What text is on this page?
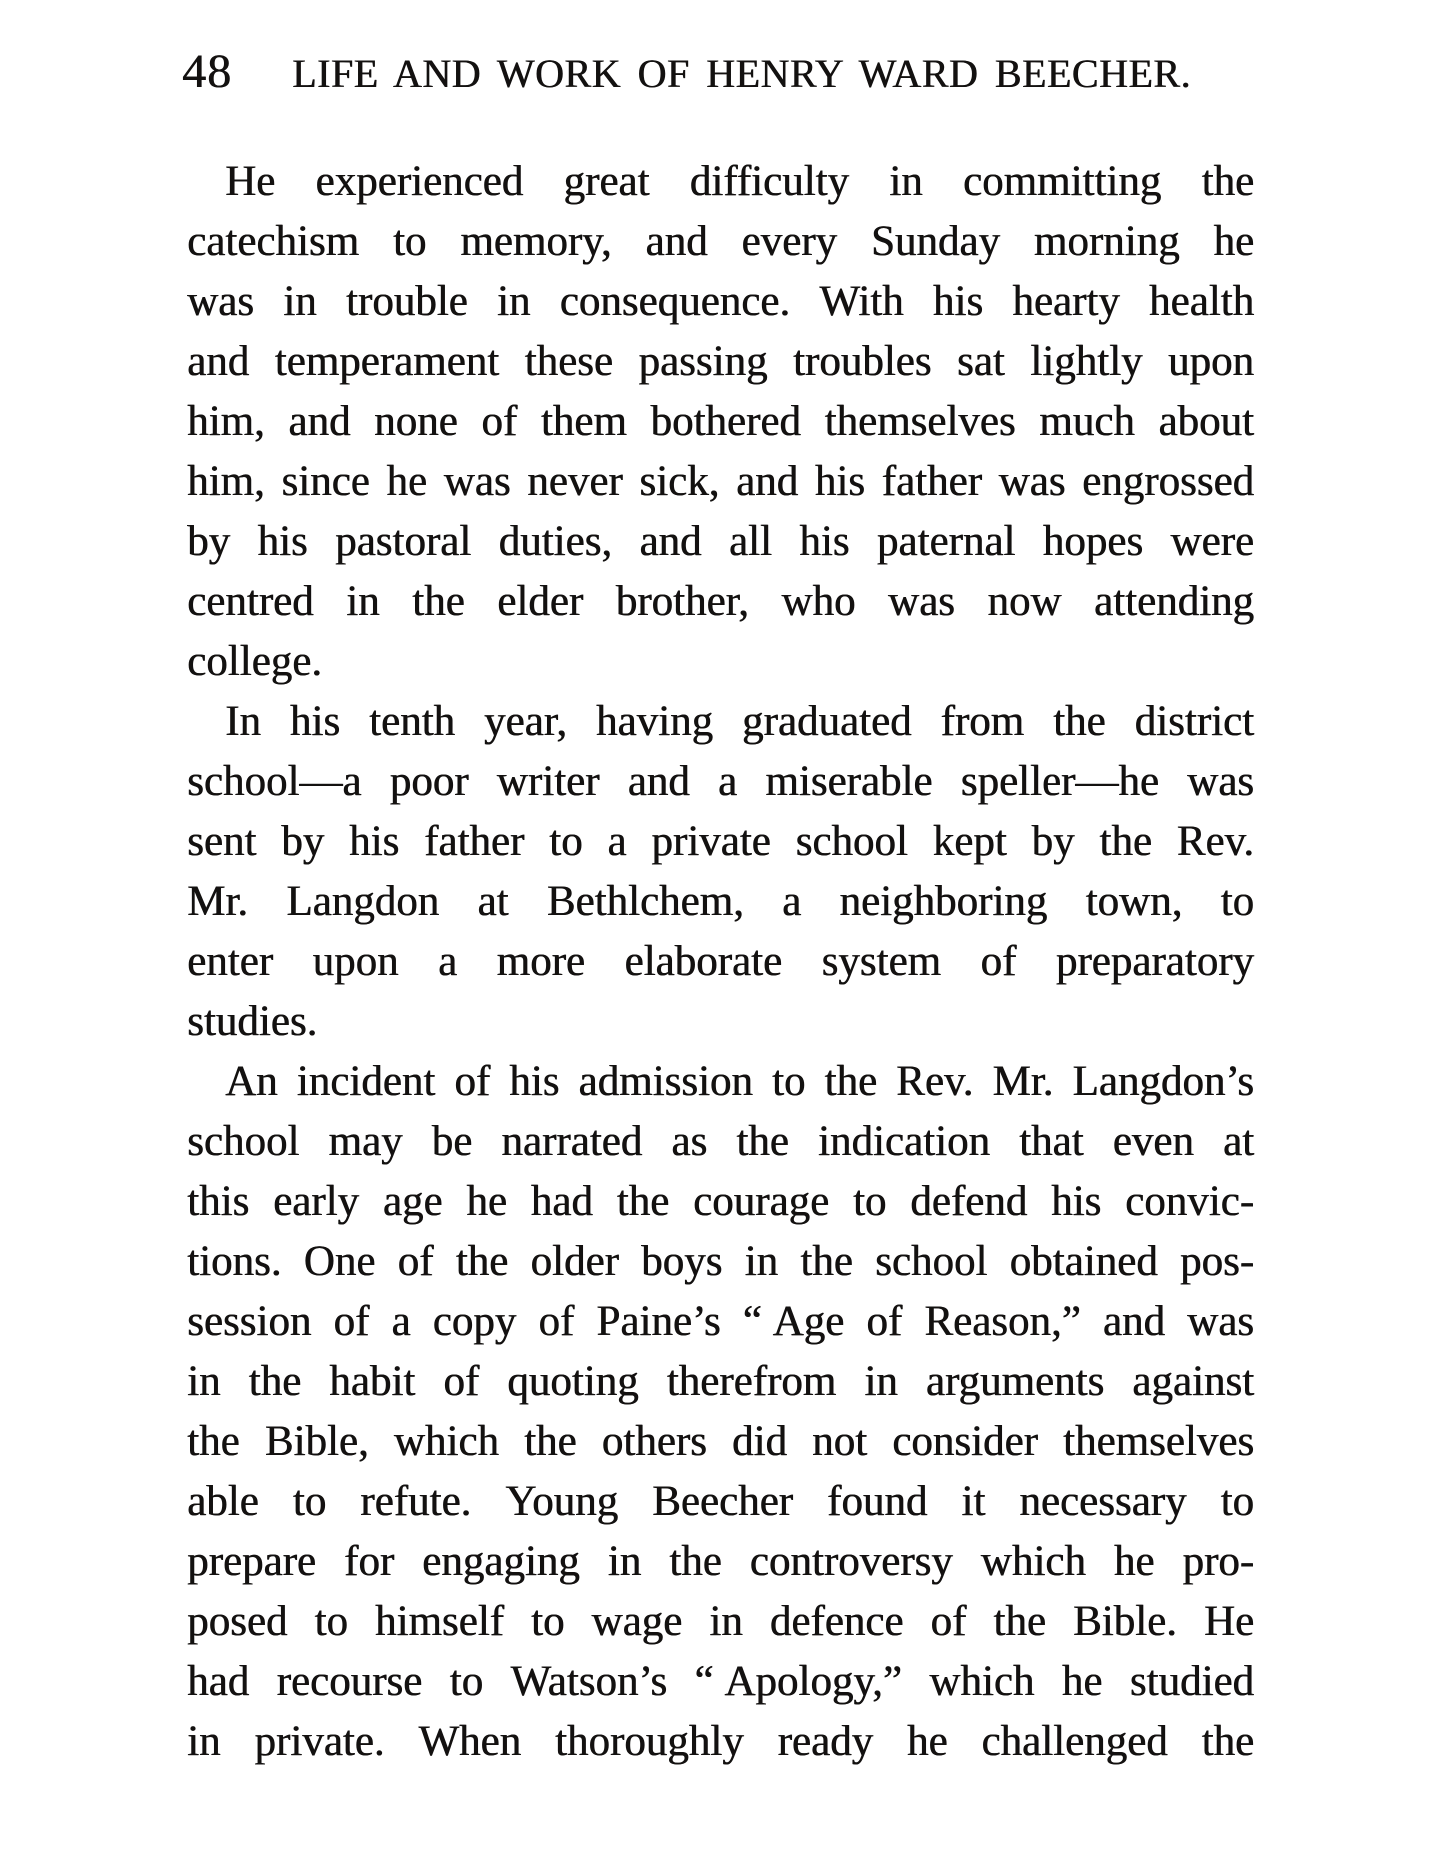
48 LIFE AND WORK OF HENRY WARD BEECHER.
He experienced great difficulty in committing the
catechism to memory, and every Sunday morning he
was in trouble in consequence. With his hearty health
and temperament these passing troubles sat lightly upon
him, and none of them bothered themselves much about
him, since he was never sick, and his father was engrossed
by his pastoral duties, and all his paternal hopes were
centred in the elder brother, who was now attending
college.
In his tenth year, having graduated from the district
school—a poor writer and a miserable speller—he was
sent by his father to a private school kept by the Rev.
Mr. Langdon at Bethlchem, a neighboring town, to
enter upon a more elaborate system of preparatory
studies.
An incident of his admission to the Rev. Mr. Langdon’s
school may be narrated as the indication that even at
this early age he had the courage to defend his convic-
tions. One of the older boys in the school obtained pos-
session of a copy of Paine’s “ Age of Reason,” and was
in the habit of quoting therefrom in arguments against
the Bible, which the others did not consider themselves
able to refute. Young Beecher found it necessary to
prepare for engaging in the controversy which he pro-
posed to himself to wage in defence of the Bible. He
had recourse to Watson’s “ Apology,” which he studied
in private. When thoroughly ready he challenged the
